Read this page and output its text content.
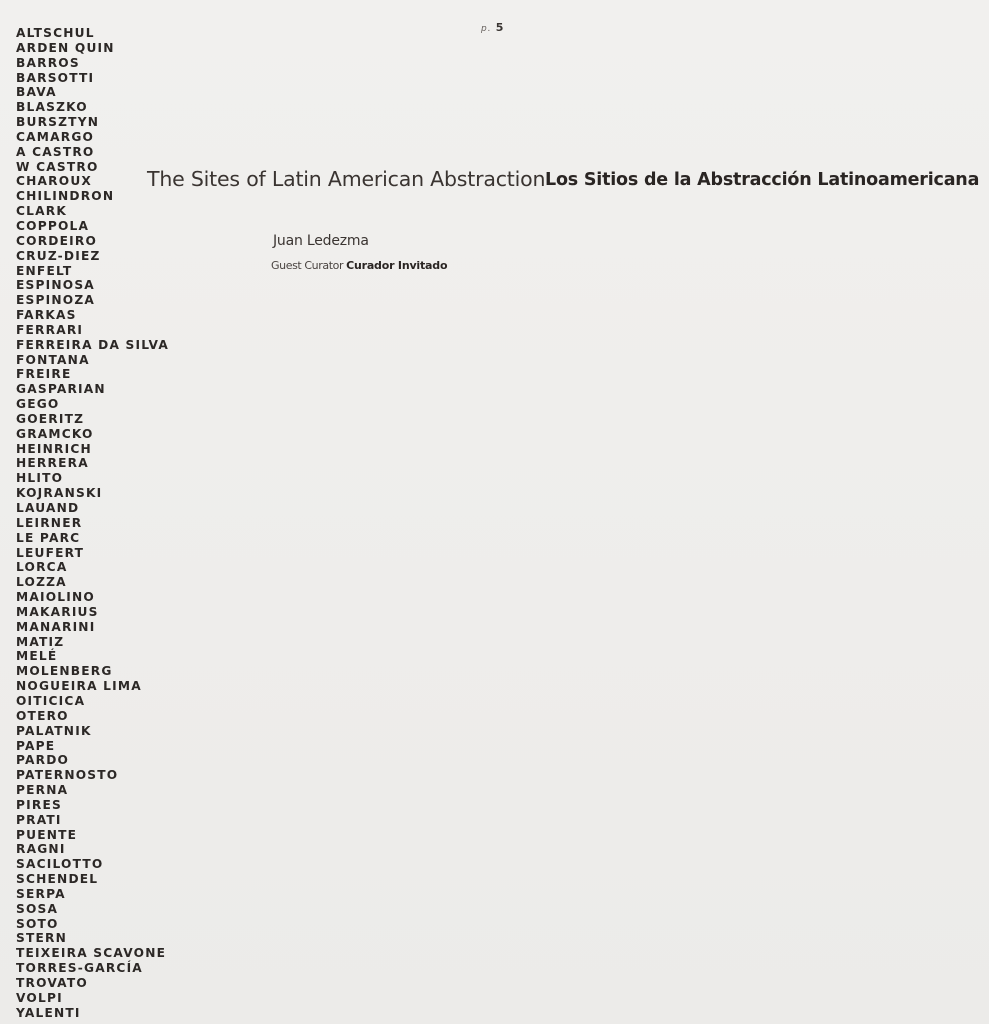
p. 5
ALTSCHUL
ARDEN QUIN
BARROS
BARSOTTI
BAVA
BLASZKO
BURSZTYN
CAMARGO
A CASTRO
W CASTRO
CHAROUX
CHILINDRON
CLARK
COPPOLA
CORDEIRO
CRUZ-DIEZ
ENFELT
ESPINOSA
ESPINOZA
FARKAS
FERRARI
FERREIRA DA SILVA
FONTANA
FREIRE
GASPARIAN
GEGO
GOERITZ
GRAMCKO
HEINRICH
HERRERA
HLITO
KOJRANSKI
LAUAND
LEIRNER
LE PARC
LEUFERT
LORCA
LOZZA
MAIOLINO
MAKARIUS
MANARINI
MATIZ
MELÉ
MOLENBERG
NOGUEIRA LIMA
OITICICA
OTERO
PALATNIK
PAPE
PARDO
PATERNOSTO
PERNA
PIRES
PRATI
PUENTE
RAGNI
SACILOTTO
SCHENDEL
SERPA
SOSA
SOTO
STERN
TEIXEIRA SCAVONE
TORRES-GARCÍA
TROVATO
VOLPI
YALENTI
The Sites of Latin American Abstraction Los Sitios de la Abstracción Latinoamericana
Juan Ledezma
Guest Curator Curador Invitado
